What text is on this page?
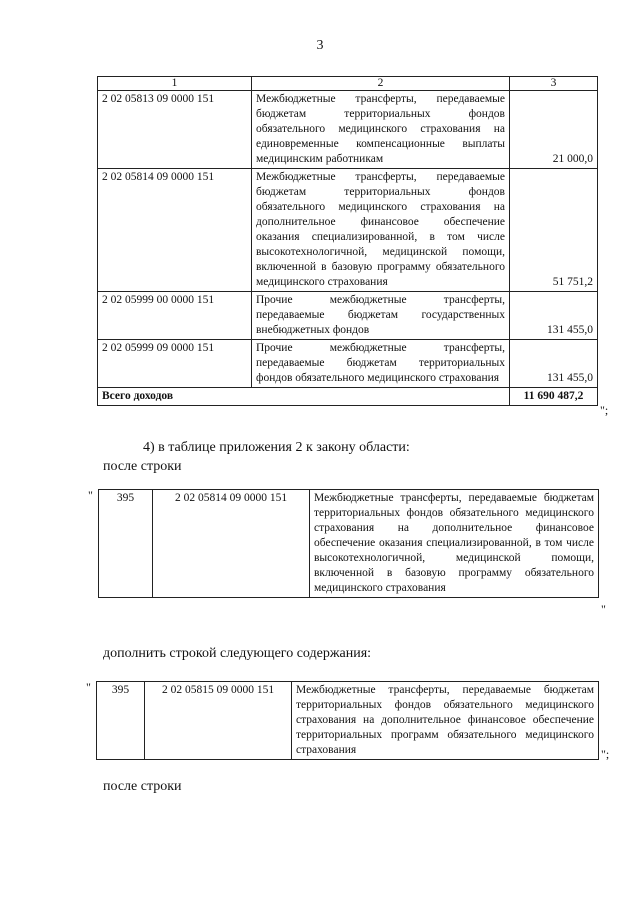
3
1	2	3
2 02 05813 09 0000 151	Межбюджетные трансферты, передаваемые бюджетам территориальных фондов обязательного медицинского страхования на единовременные компенсационные выплаты медицинским работникам	21 000,0
2 02 05814 09 0000 151	Межбюджетные трансферты, передаваемые бюджетам территориальных фондов обязательного медицинского страхования на дополнительное финансовое обеспечение оказания специализированной, в том числе высокотехнологичной, медицинской помощи, включенной в базовую программу обязательного медицинского страхования	51 751,2
2 02 05999 00 0000 151	Прочие межбюджетные трансферты, передаваемые бюджетам государственных внебюджетных фондов	131 455,0
2 02 05999 09 0000 151	Прочие межбюджетные трансферты, передаваемые бюджетам территориальных фондов обязательного медицинского страхования	131 455,0
Всего доходов		11 690 487,2
";
4) в таблице приложения 2 к закону области:
после строки
" 395	2 02 05814 09 0000 151	Межбюджетные трансферты, передаваемые бюджетам территориальных фондов обязательного медицинского страхования на дополнительное финансовое обеспечение оказания специализированной, в том числе высокотехнологичной, медицинской помощи, включенной в базовую программу обязательного медицинского страхования
"
дополнить строкой следующего содержания:
" 395	2 02 05815 09 0000 151	Межбюджетные трансферты, передаваемые бюджетам территориальных фондов обязательного медицинского страхования на дополнительное финансовое обеспечение территориальных программ обязательного медицинского страхования	";
после строки
